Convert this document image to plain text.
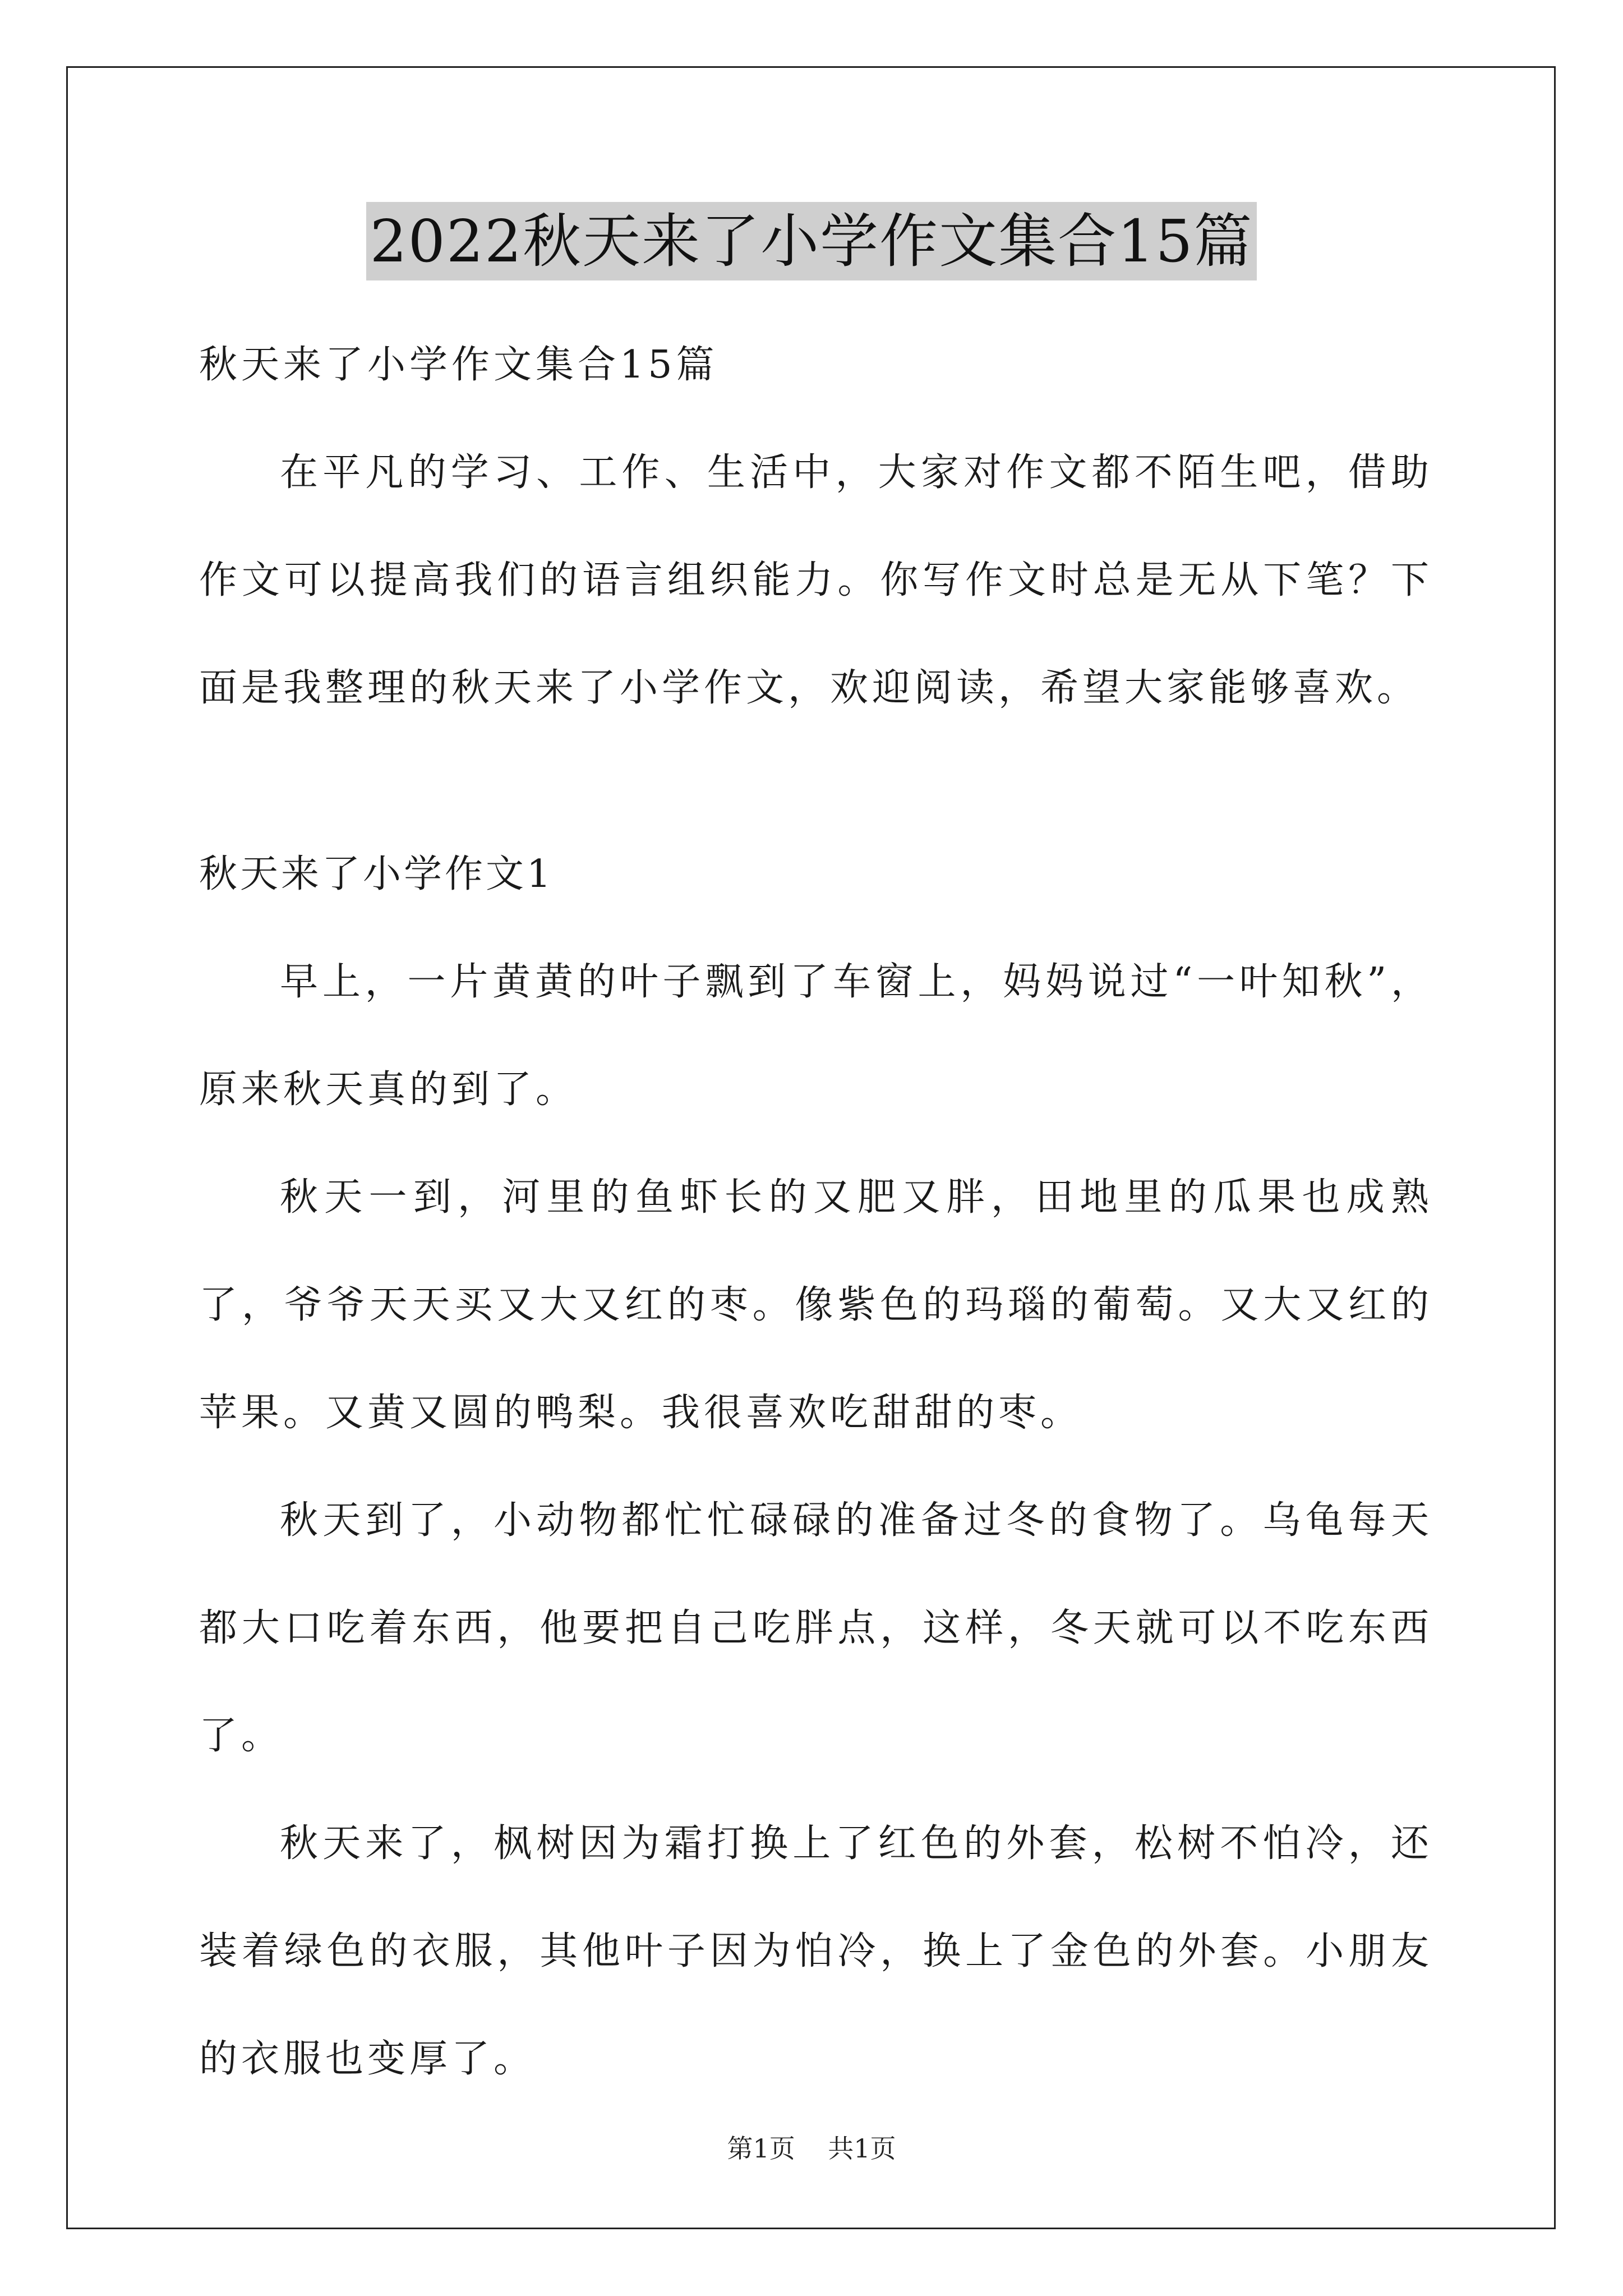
2022秋天来了小学作文集合15篇

秋天来了小学作文集合15篇

在平凡的学习、工作、生活中，大家对作文都不陌生吧，借助作文可以提高我们的语言组织能力。你写作文时总是无从下笔？下面是我整理的秋天来了小学作文，欢迎阅读，希望大家能够喜欢。

秋天来了小学作文1

早上，一片黄黄的叶子飘到了车窗上，妈妈说过“一叶知秋”，原来秋天真的到了。

秋天一到，河里的鱼虾长的又肥又胖，田地里的瓜果也成熟了，爷爷天天买又大又红的枣。像紫色的玛瑙的葡萄。又大又红的苹果。又黄又圆的鸭梨。我很喜欢吃甜甜的枣。

秋天到了，小动物都忙忙碌碌的准备过冬的食物了。乌龟每天都大口吃着东西，他要把自己吃胖点，这样，冬天就可以不吃东西了。

秋天来了，枫树因为霜打换上了红色的外套，松树不怕冷，还装着绿色的衣服，其他叶子因为怕冷，换上了金色的外套。小朋友的衣服也变厚了。

第1页 共1页
